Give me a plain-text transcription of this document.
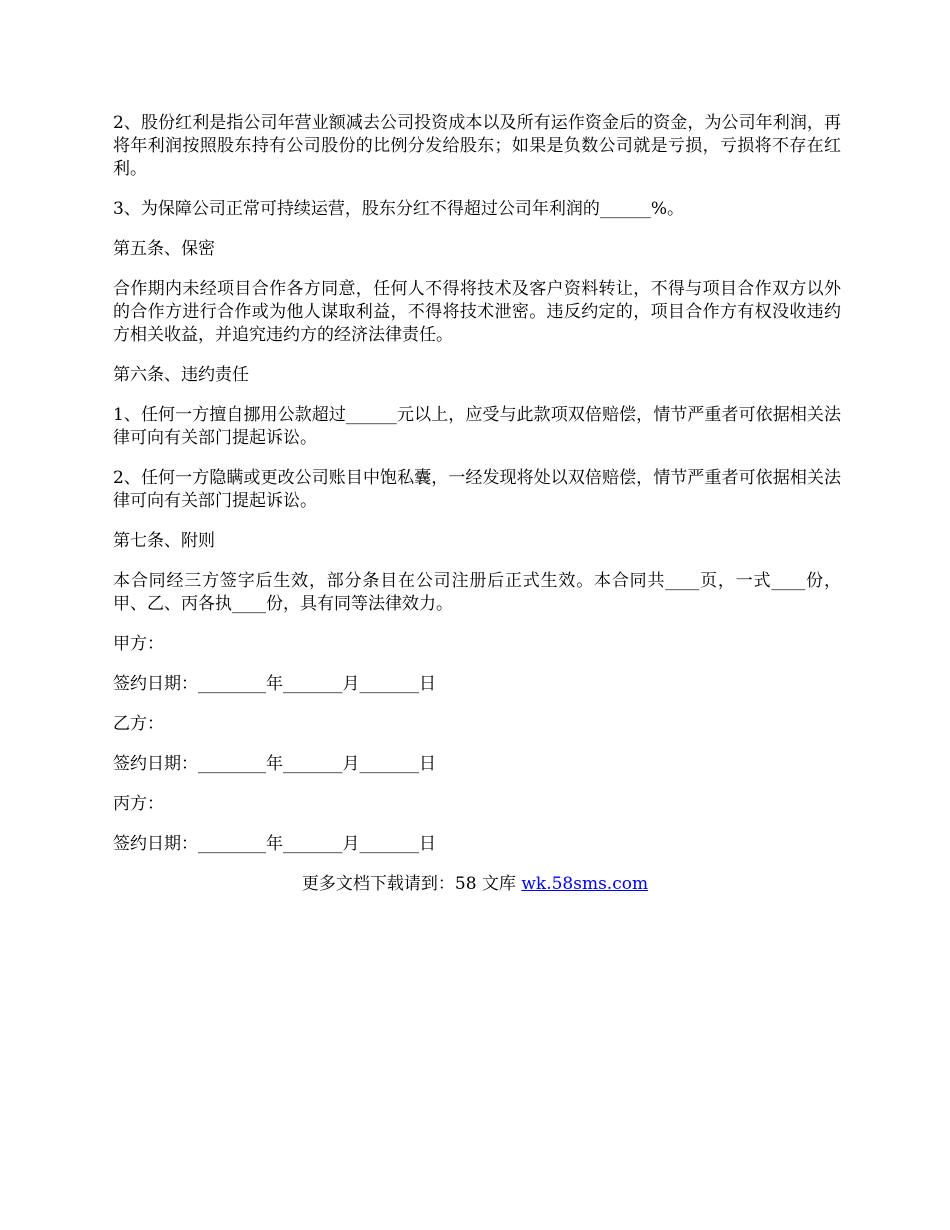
2、股份红利是指公司年营业额减去公司投资成本以及所有运作资金后的资金，为公司年利润，再将年利润按照股东持有公司股份的比例分发给股东；如果是负数公司就是亏损，亏损将不存在红利。

3、为保障公司正常可持续运营，股东分红不得超过公司年利润的______%。

第五条、保密

合作期内未经项目合作各方同意，任何人不得将技术及客户资料转让，不得与项目合作双方以外的合作方进行合作或为他人谋取利益，不得将技术泄密。违反约定的，项目合作方有权没收违约方相关收益，并追究违约方的经济法律责任。

第六条、违约责任

1、任何一方擅自挪用公款超过______元以上，应受与此款项双倍赔偿，情节严重者可依据相关法律可向有关部门提起诉讼。

2、任何一方隐瞒或更改公司账目中饱私囊，一经发现将处以双倍赔偿，情节严重者可依据相关法律可向有关部门提起诉讼。

第七条、附则

本合同经三方签字后生效，部分条目在公司注册后正式生效。本合同共____页，一式____份，甲、乙、丙各执____份，具有同等法律效力。

甲方：

签约日期：________年_______月_______日

乙方：

签约日期：________年_______月_______日

丙方：

签约日期：________年_______月_______日

更多文档下载请到：58 文库 wk.58sms.com
